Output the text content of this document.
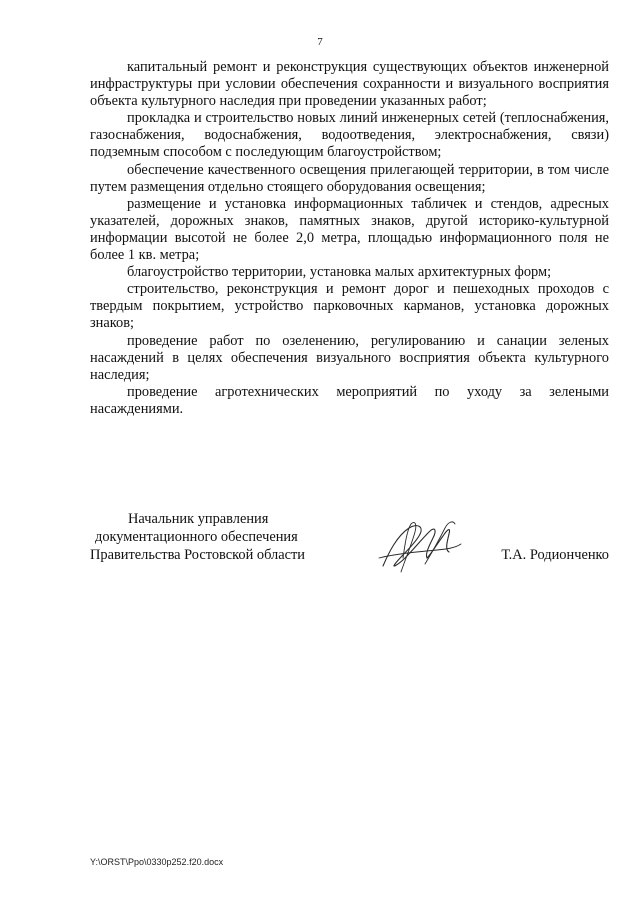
7

капитальный ремонт и реконструкция существующих объектов инженерной инфраструктуры при условии обеспечения сохранности и визуального восприятия объекта культурного наследия при проведении указанных работ;

прокладка и строительство новых линий инженерных сетей (теплоснабжения, газоснабжения, водоснабжения, водоотведения, электроснабжения, связи) подземным способом с последующим благоустройством;

обеспечение качественного освещения прилегающей территории, в том числе путем размещения отдельно стоящего оборудования освещения;

размещение и установка информационных табличек и стендов, адресных указателей, дорожных знаков, памятных знаков, другой историко-культурной информации высотой не более 2,0 метра, площадью информационного поля не более 1 кв. метра;

благоустройство территории, установка малых архитектурных форм;

строительство, реконструкция и ремонт дорог и пешеходных проходов с твердым покрытием, устройство парковочных карманов, установка дорожных знаков;

проведение работ по озеленению, регулированию и санации зеленых насаждений в целях обеспечения визуального восприятия объекта культурного наследия;

проведение агротехнических мероприятий по уходу за зелеными насаждениями.

Начальник управления
документационного обеспечения
Правительства Ростовской области	Т.А. Родионченко
Y:\ORST\Ppo\0330p252.f20.docx
